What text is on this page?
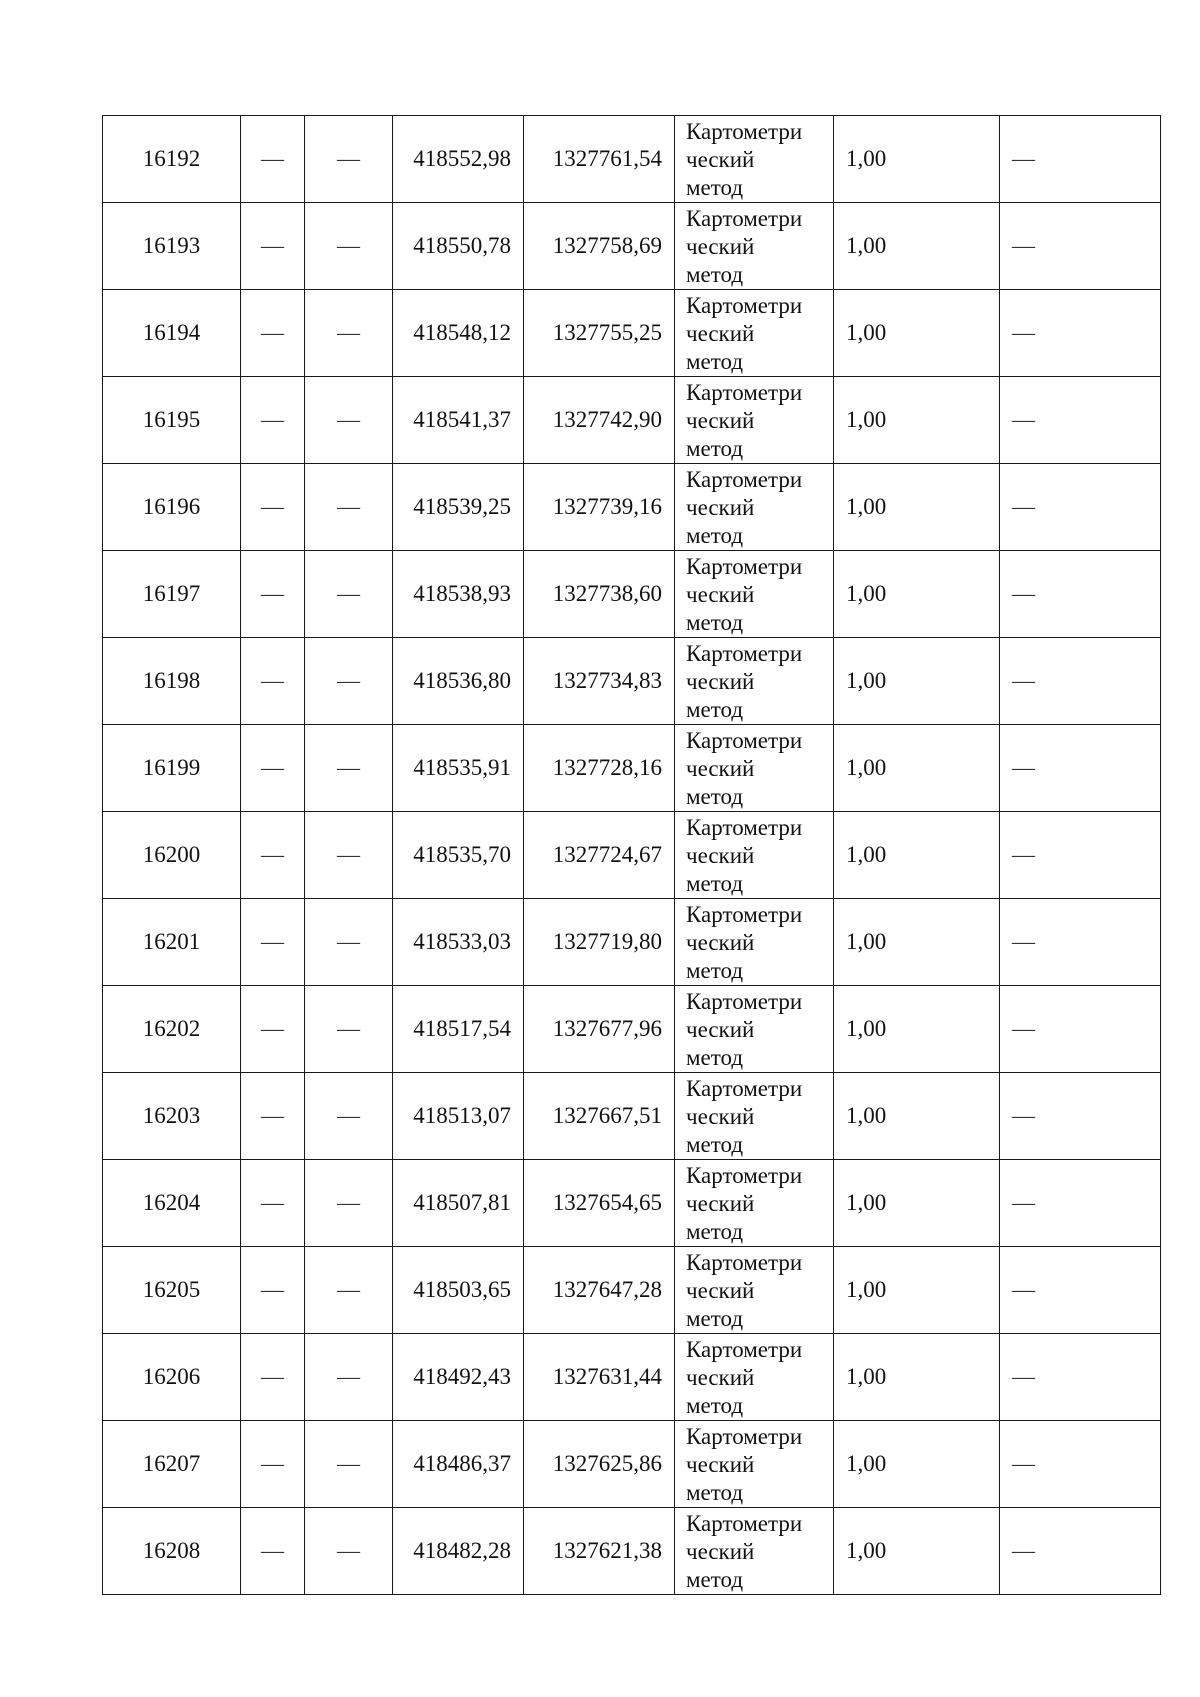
16192	—	—	418552,98	1327761,54	Картометри
ческий
метод	1,00	—
16193	—	—	418550,78	1327758,69	Картометри
ческий
метод	1,00	—
16194	—	—	418548,12	1327755,25	Картометри
ческий
метод	1,00	—
16195	—	—	418541,37	1327742,90	Картометри
ческий
метод	1,00	—
16196	—	—	418539,25	1327739,16	Картометри
ческий
метод	1,00	—
16197	—	—	418538,93	1327738,60	Картометри
ческий
метод	1,00	—
16198	—	—	418536,80	1327734,83	Картометри
ческий
метод	1,00	—
16199	—	—	418535,91	1327728,16	Картометри
ческий
метод	1,00	—
16200	—	—	418535,70	1327724,67	Картометри
ческий
метод	1,00	—
16201	—	—	418533,03	1327719,80	Картометри
ческий
метод	1,00	—
16202	—	—	418517,54	1327677,96	Картометри
ческий
метод	1,00	—
16203	—	—	418513,07	1327667,51	Картометри
ческий
метод	1,00	—
16204	—	—	418507,81	1327654,65	Картометри
ческий
метод	1,00	—
16205	—	—	418503,65	1327647,28	Картометри
ческий
метод	1,00	—
16206	—	—	418492,43	1327631,44	Картометри
ческий
метод	1,00	—
16207	—	—	418486,37	1327625,86	Картометри
ческий
метод	1,00	—
16208	—	—	418482,28	1327621,38	Картометри
ческий
метод	1,00	—
